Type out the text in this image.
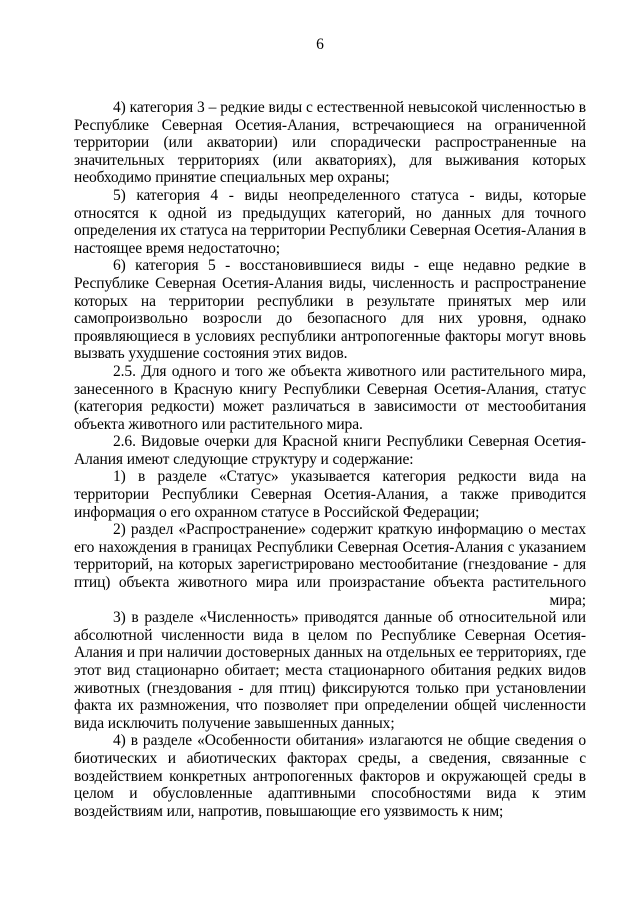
6

4) категория 3 – редкие виды с естественной невысокой численностью в Республике Северная Осетия-Алания, встречающиеся на ограниченной территории (или акватории) или спорадически распространенные на значительных территориях (или акваториях), для выживания которых необходимо принятие специальных мер охраны;

5) категория 4 - виды неопределенного статуса - виды, которые относятся к одной из предыдущих категорий, но данных для точного определения их статуса на территории Республики Северная Осетия-Алания в настоящее время недостаточно;

6) категория 5 - восстановившиеся виды - еще недавно редкие в Республике Северная Осетия-Алания виды, численность и распространение которых на территории республики в результате принятых мер или самопроизвольно возросли до безопасного для них уровня, однако проявляющиеся в условиях республики антропогенные факторы могут вновь вызвать ухудшение состояния этих видов.

2.5. Для одного и того же объекта животного или растительного мира, занесенного в Красную книгу Республики Северная Осетия-Алания, статус (категория редкости) может различаться в зависимости от местообитания объекта животного или растительного мира.

2.6. Видовые очерки для Красной книги Республики Северная Осетия-Алания имеют следующие структуру и содержание:

1) в разделе «Статус» указывается категория редкости вида на территории Республики Северная Осетия-Алания, а также приводится информация о его охранном статусе в Российской Федерации;

2) раздел «Распространение» содержит краткую информацию о местах его нахождения в границах Республики Северная Осетия-Алания с указанием территорий, на которых зарегистрировано местообитание (гнездование - для птиц) объекта животного мира или произрастание объекта растительного мира;

3) в разделе «Численность» приводятся данные об относительной или абсолютной численности вида в целом по Республике Северная Осетия-Алания и при наличии достоверных данных на отдельных ее территориях, где этот вид стационарно обитает; места стационарного обитания редких видов животных (гнездования - для птиц) фиксируются только при установлении факта их размножения, что позволяет при определении общей численности вида исключить получение завышенных данных;

4) в разделе «Особенности обитания» излагаются не общие сведения о биотических и абиотических факторах среды, а сведения, связанные с воздействием конкретных антропогенных факторов и окружающей среды в целом и обусловленные адаптивными способностями вида к этим воздействиям или, напротив, повышающие его уязвимость к ним;
